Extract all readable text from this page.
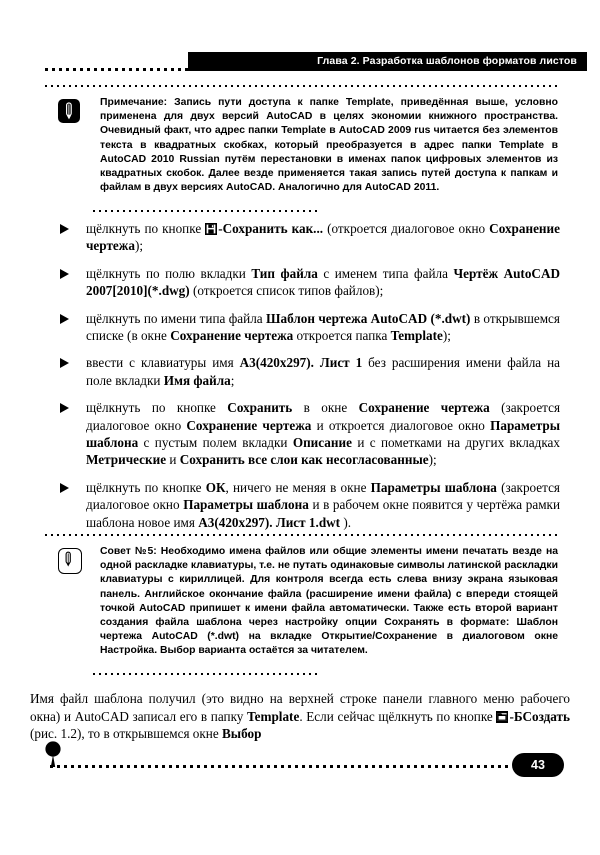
Глава 2. Разработка шаблонов форматов листов
Примечание: Запись пути доступа к папке Template, приведённая выше, условно применена для двух версий AutoCAD в целях экономии книжного пространства. Очевидный факт, что адрес папки Template в AutoCAD 2009 rus читается без элементов текста в квадратных скобках, который преобразуется в адрес папки Template в AutoCAD 2010 Russian путём перестановки в именах папок цифровых элементов из квадратных скобок. Далее везде применяется такая запись путей доступа к папкам и файлам в двух версиях AutoCAD. Аналогично для AutoCAD 2011.
щёлкнуть по кнопке
-Сохранить как... (откроется диалоговое окно Сохранение чертежа);
щёлкнуть по полю вкладки Тип файла с именем типа файла Чертёж AutoCAD 2007[2010](*.dwg) (откроется список типов файлов);
щёлкнуть по имени типа файла Шаблон чертежа AutoCAD (*.dwt) в открывшемся списке (в окне Сохранение чертежа откроется папка Template);
ввести с клавиатуры имя А3(420х297). Лист 1 без расширения имени файла на поле вкладки Имя файла;
щёлкнуть по кнопке Сохранить в окне Сохранение чертежа (закроется диалоговое окно Сохранение чертежа и откроется диалоговое окно Параметры шаблона с пустым полем вкладки Описание и с пометками на других вкладках Метрические и Сохранить все слои как несогласованные);
щёлкнуть по кнопке ОК, ничего не меняя в окне Параметры шаблона (закроется диалоговое окно Параметры шаблона и в рабочем окне появится у чертёжа рамки шаблона новое имя А3(420х297). Лист 1.dwt ).
Совет №5: Необходимо имена файлов или общие элементы имени печатать везде на одной раскладке клавиатуры, т.е. не путать одинаковые символы латинской раскладки клавиатуры с кириллицей. Для контроля всегда есть слева внизу экрана языковая панель. Английское окончание файла (расширение имени файла) с впереди стоящей точкой AutoCAD припишет к имени файла автоматически. Также есть второй вариант создания файла шаблона через настройку опции Сохранять в формате: Шаблон чертежа AutoCAD (*.dwt) на вкладке Открытие/Сохранение в диалоговом окне Настройка. Выбор варианта остаётся за читателем.
Имя файл шаблона получил (это видно на верхней строке панели главного меню рабочего окна) и AutoCAD записал его в папку Template. Если сейчас щёлкнуть по кнопке
-БСоздать (рис. 1.2), то в открывшемся окне Выбор
43
